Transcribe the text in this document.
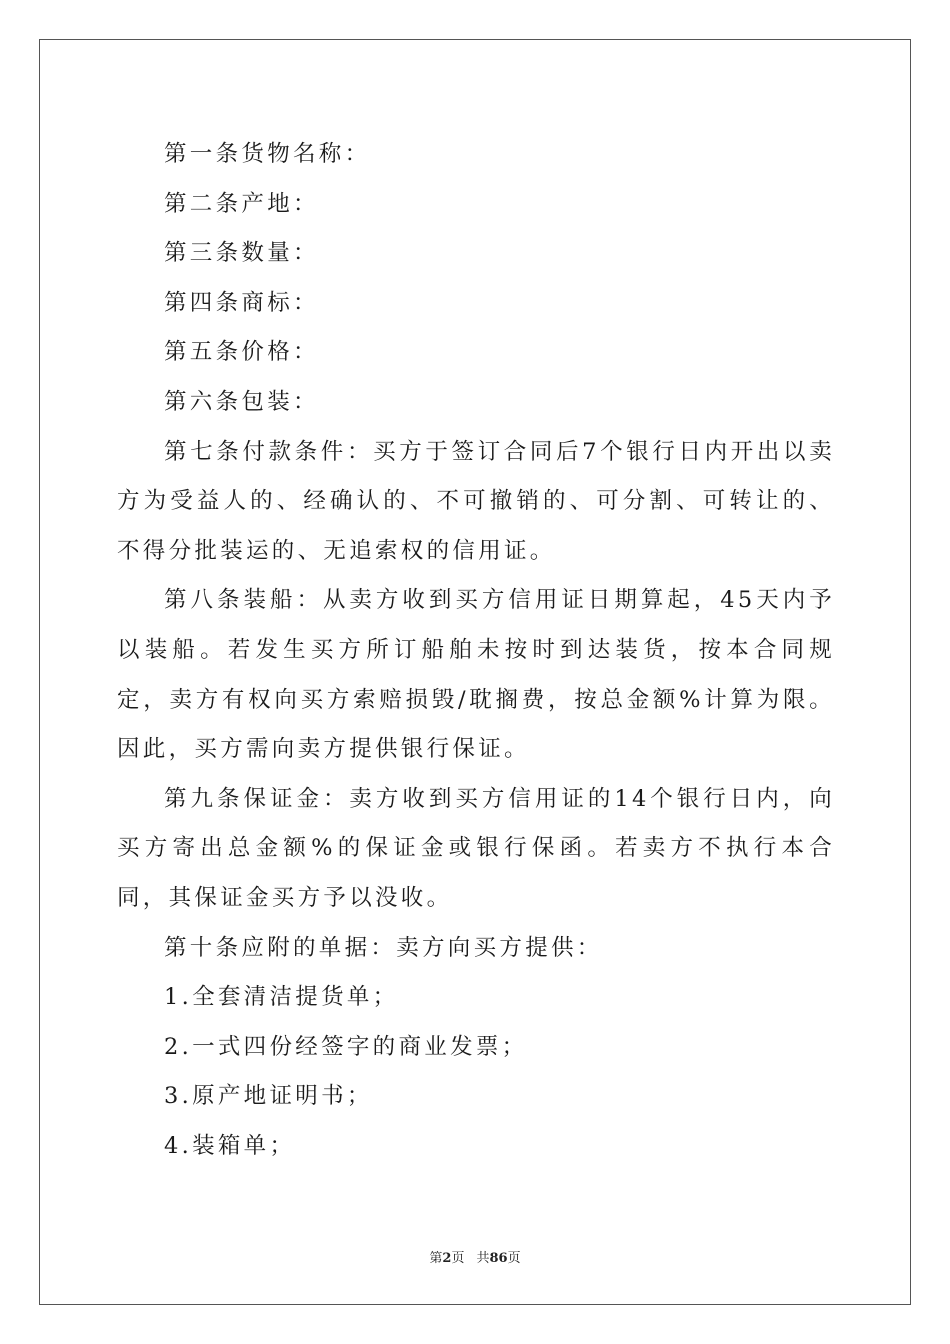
第一条货物名称：

第二条产地：

第三条数量：

第四条商标：

第五条价格：

第六条包装：

第七条付款条件：买方于签订合同后7个银行日内开出以卖方为受益人的、经确认的、不可撤销的、可分割、可转让的、不得分批装运的、无追索权的信用证。

第八条装船：从卖方收到买方信用证日期算起，45天内予以装船。若发生买方所订船舶未按时到达装货，按本合同规定，卖方有权向买方索赔损毁/耽搁费，按总金额%计算为限。因此，买方需向卖方提供银行保证。

第九条保证金：卖方收到买方信用证的14个银行日内，向买方寄出总金额%的保证金或银行保函。若卖方不执行本合同，其保证金买方予以没收。

第十条应附的单据：卖方向买方提供：

1.全套清洁提货单；

2.一式四份经签字的商业发票；

3.原产地证明书；

4.装箱单；

第2页 共86页
